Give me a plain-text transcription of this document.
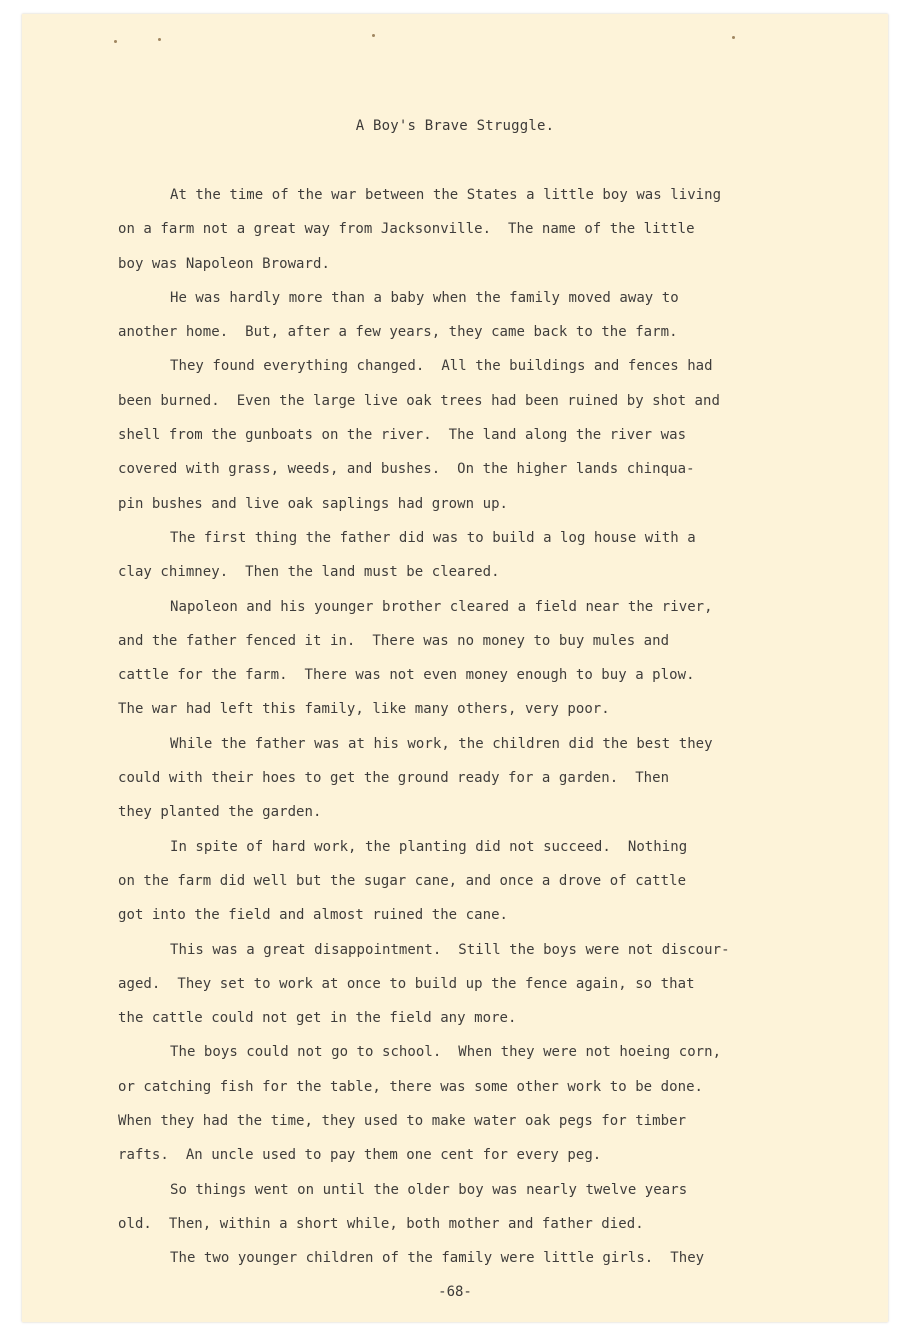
A Boy's Brave Struggle.
At the time of the war between the States a little boy was living
on a farm not a great way from Jacksonville.  The name of the little
boy was Napoleon Broward.
He was hardly more than a baby when the family moved away to
another home.  But, after a few years, they came back to the farm.
They found everything changed.  All the buildings and fences had
been burned.  Even the large live oak trees had been ruined by shot and
shell from the gunboats on the river.  The land along the river was
covered with grass, weeds, and bushes.  On the higher lands chinqua-
pin bushes and live oak saplings had grown up.
The first thing the father did was to build a log house with a
clay chimney.  Then the land must be cleared.
Napoleon and his younger brother cleared a field near the river,
and the father fenced it in.  There was no money to buy mules and
cattle for the farm.  There was not even money enough to buy a plow.
The war had left this family, like many others, very poor.
While the father was at his work, the children did the best they
could with their hoes to get the ground ready for a garden.  Then
they planted the garden.
In spite of hard work, the planting did not succeed.  Nothing
on the farm did well but the sugar cane, and once a drove of cattle
got into the field and almost ruined the cane.
This was a great disappointment.  Still the boys were not discour-
aged.  They set to work at once to build up the fence again, so that
the cattle could not get in the field any more.
The boys could not go to school.  When they were not hoeing corn,
or catching fish for the table, there was some other work to be done.
When they had the time, they used to make water oak pegs for timber
rafts.  An uncle used to pay them one cent for every peg.
So things went on until the older boy was nearly twelve years
old.  Then, within a short while, both mother and father died.
The two younger children of the family were little girls.  They
-68-
